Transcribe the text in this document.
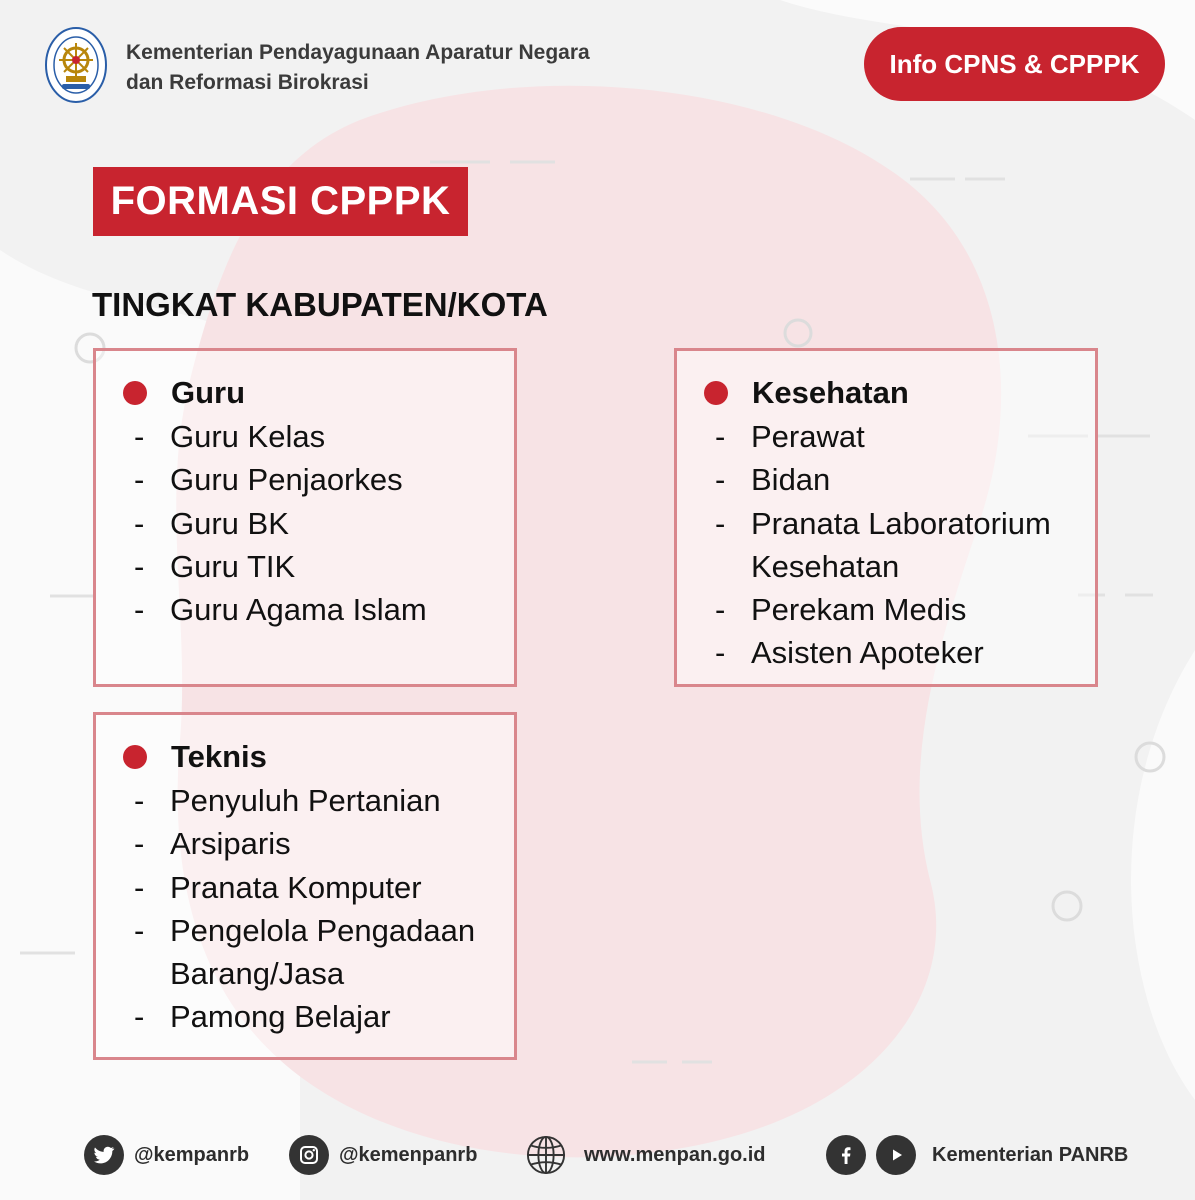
Kementerian Pendayagunaan Aparatur Negara
dan Reformasi Birokrasi
Info CPNS & CPPPK
FORMASI CPPPK
TINGKAT KABUPATEN/KOTA
Guru
- Guru Kelas
- Guru Penjaorkes
- Guru BK
- Guru TIK
- Guru Agama Islam
Kesehatan
- Perawat
- Bidan
- Pranata Laboratorium
Kesehatan
- Perekam Medis
- Asisten Apoteker
Teknis
- Penyuluh Pertanian
- Arsiparis
- Pranata Komputer
- Pengelola Pengadaan
Barang/Jasa
- Pamong Belajar
@kempanrb	@kemenpanrb	www.menpan.go.id	Kementerian PANRB
